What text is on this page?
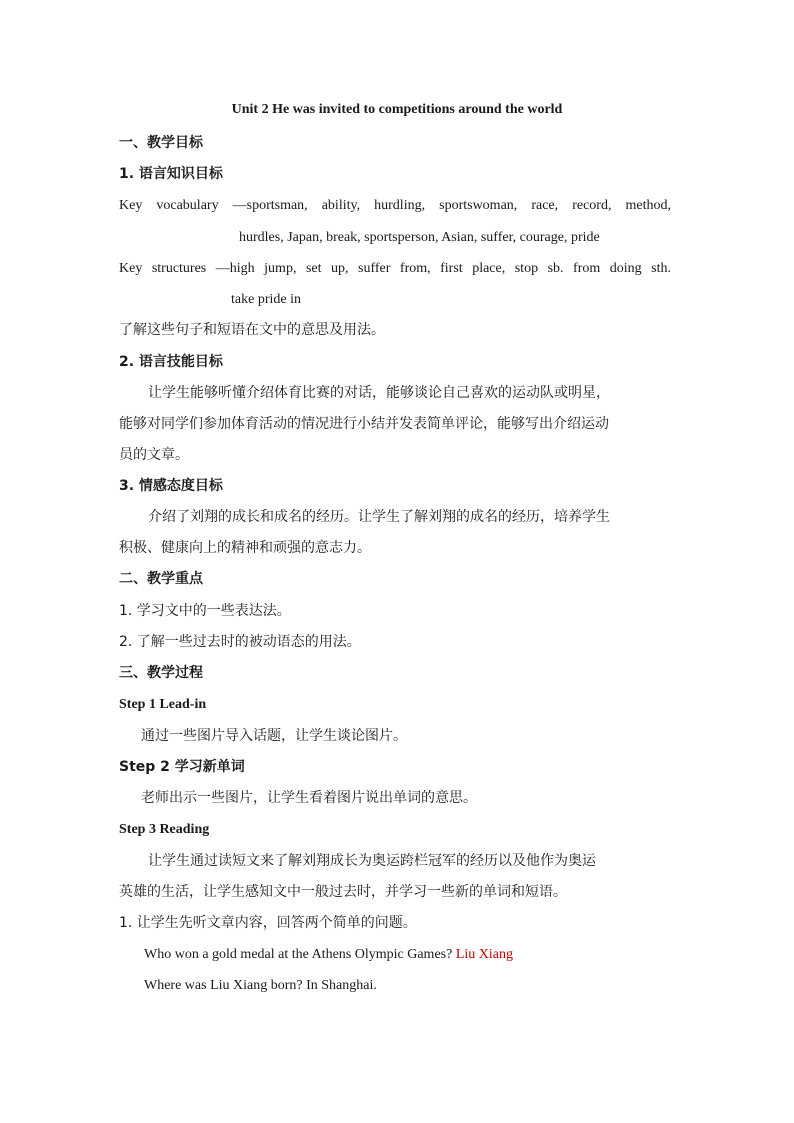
Unit 2 He was invited to competitions around the world
一、教学目标
1. 语言知识目标
Key vocabulary —sportsman, ability, hurdling, sportswoman, race, record, method,
hurdles, Japan, break, sportsperson, Asian, suffer, courage, pride
Key structures —high jump, set up, suffer from, first place, stop sb. from doing sth.
take pride in
了解这些句子和短语在文中的意思及用法。
2. 语言技能目标
让学生能够听懂介绍体育比赛的对话，能够谈论自己喜欢的运动队或明星，
能够对同学们参加体育活动的情况进行小结并发表简单评论，能够写出介绍运动
员的文章。
3. 情感态度目标
介绍了刘翔的成长和成名的经历。让学生了解刘翔的成名的经历，培养学生
积极、健康向上的精神和顽强的意志力。
二、教学重点
1. 学习文中的一些表达法。
2. 了解一些过去时的被动语态的用法。
三、教学过程
Step 1 Lead-in
通过一些图片导入话题，让学生谈论图片。
Step 2 学习新单词
老师出示一些图片，让学生看着图片说出单词的意思。
Step 3 Reading
让学生通过读短文来了解刘翔成长为奥运跨栏冠军的经历以及他作为奥运
英雄的生活，让学生感知文中一般过去时，并学习一些新的单词和短语。
1. 让学生先听文章内容，回答两个简单的问题。
Who won a gold medal at the Athens Olympic Games? Liu Xiang
Where was Liu Xiang born? In Shanghai.
